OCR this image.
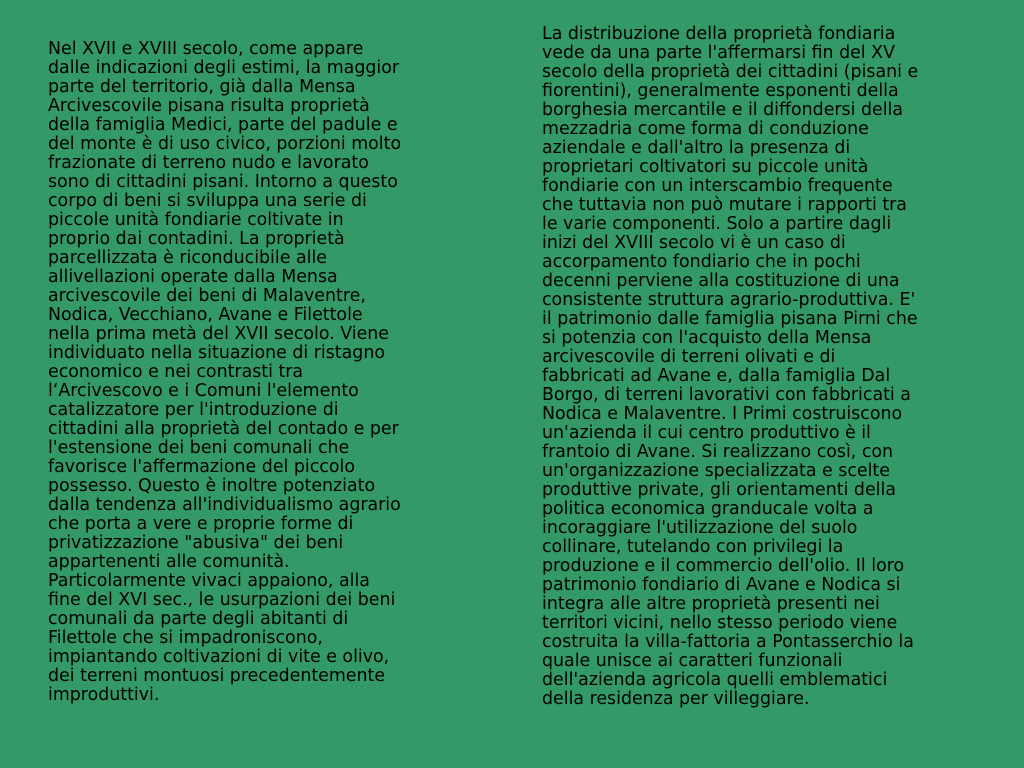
Nel XVII e XVIII secolo, come appare
dalle indicazioni degli estimi, la maggior
parte del territorio, già dalla Mensa
Arcivescovile pisana risulta proprietà
della famiglia Medici, parte del padule e
del monte è di uso civico, porzioni molto
frazionate di terreno nudo e lavorato
sono di cittadini pisani. Intorno a questo
corpo di beni si sviluppa una serie di
piccole unità fondiarie coltivate in
proprio dai contadini. La proprietà
parcellizzata è riconducibile alle
allivellazioni operate dalla Mensa
arcivescovile dei beni di Malaventre,
Nodica, Vecchiano, Avane e Filettole
nella prima metà del XVII secolo. Viene
individuato nella situazione di ristagno
economico e nei contrasti tra
l‘Arcivescovo e i Comuni l'elemento
catalizzatore per l'introduzione di
cittadini alla proprietà del contado e per
l'estensione dei beni comunali che
favorisce l'affermazione del piccolo
possesso. Questo è inoltre potenziato
dalla tendenza all'individualismo agrario
che porta a vere e proprie forme di
privatizzazione "abusiva" dei beni
appartenenti alle comunità.
Particolarmente vivaci appaiono, alla
fine del XVI sec., le usurpazioni dei beni
comunali da parte degli abitanti di
Filettole che si impadroniscono,
impiantando coltivazioni di vite e olivo,
dei terreni montuosi precedentemente
improduttivi.
La distribuzione della proprietà fondiaria
vede da una parte l'affermarsi fin del XV
secolo della proprietà dei cittadini (pisani e
fiorentini), generalmente esponenti della
borghesia mercantile e il diffondersi della
mezzadria come forma di conduzione
aziendale e dall'altro la presenza di
proprietari coltivatori su piccole unità
fondiarie con un interscambio frequente
che tuttavia non può mutare i rapporti tra
le varie componenti. Solo a partire dagli
inizi del XVIII secolo vi è un caso di
accorpamento fondiario che in pochi
decenni perviene alla costituzione di una
consistente struttura agrario-produttiva. E'
il patrimonio dalle famiglia pisana Pirni che
si potenzia con l'acquisto della Mensa
arcivescovile di terreni olivati e di
fabbricati ad Avane e, dalla famiglia Dal
Borgo, di terreni lavorativi con fabbricati a
Nodica e Malaventre. I Primi costruiscono
un'azienda il cui centro produttivo è il
frantoio di Avane. Si realizzano così, con
un'organizzazione specializzata e scelte
produttive private, gli orientamenti della
politica economica granducale volta a
incoraggiare l'utilizzazione del suolo
collinare, tutelando con privilegi la
produzione e il commercio dell'olio. Il loro
patrimonio fondiario di Avane e Nodica si
integra alle altre proprietà presenti nei
territori vicini, nello stesso periodo viene
costruita la villa-fattoria a Pontasserchio la
quale unisce ai caratteri funzionali
dell'azienda agricola quelli emblematici
della residenza per villeggiare.
